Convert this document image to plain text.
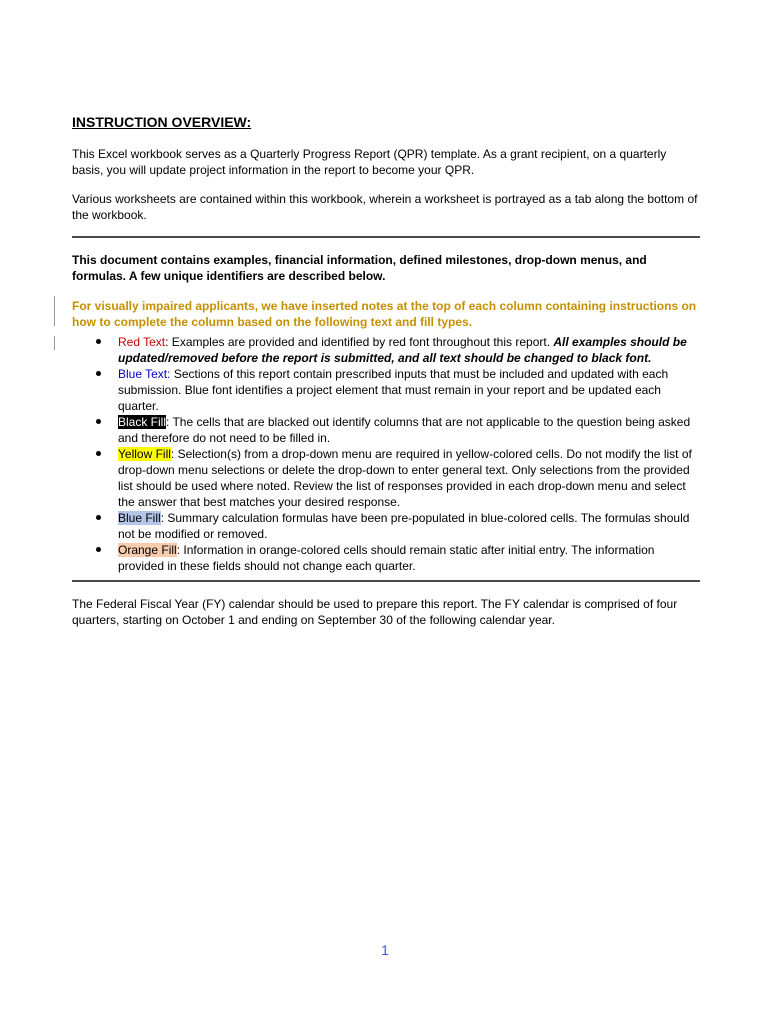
INSTRUCTION OVERVIEW:

This Excel workbook serves as a Quarterly Progress Report (QPR) template. As a grant recipient, on a quarterly basis, you will update project information in the report to become your QPR.

Various worksheets are contained within this workbook, wherein a worksheet is portrayed as a tab along the bottom of the workbook.

This document contains examples, financial information, defined milestones, drop-down menus, and formulas. A few unique identifiers are described below.
For visually impaired applicants, we have inserted notes at the top of each column containing instructions on how to complete the column based on the following text and fill types.
Red Text: Examples are provided and identified by red font throughout this report. All examples should be updated/removed before the report is submitted, and all text should be changed to black font.
Blue Text: Sections of this report contain prescribed inputs that must be included and updated with each submission. Blue font identifies a project element that must remain in your report and be updated each quarter.
Black Fill: The cells that are blacked out identify columns that are not applicable to the question being asked and therefore do not need to be filled in.
Yellow Fill: Selection(s) from a drop-down menu are required in yellow-colored cells. Do not modify the list of drop-down menu selections or delete the drop-down to enter general text. Only selections from the provided list should be used where noted. Review the list of responses provided in each drop-down menu and select the answer that best matches your desired response.
Blue Fill: Summary calculation formulas have been pre-populated in blue-colored cells. The formulas should not be modified or removed.
Orange Fill: Information in orange-colored cells should remain static after initial entry. The information provided in these fields should not change each quarter.

The Federal Fiscal Year (FY) calendar should be used to prepare this report. The FY calendar is comprised of four quarters, starting on October 1 and ending on September 30 of the following calendar year.

1
